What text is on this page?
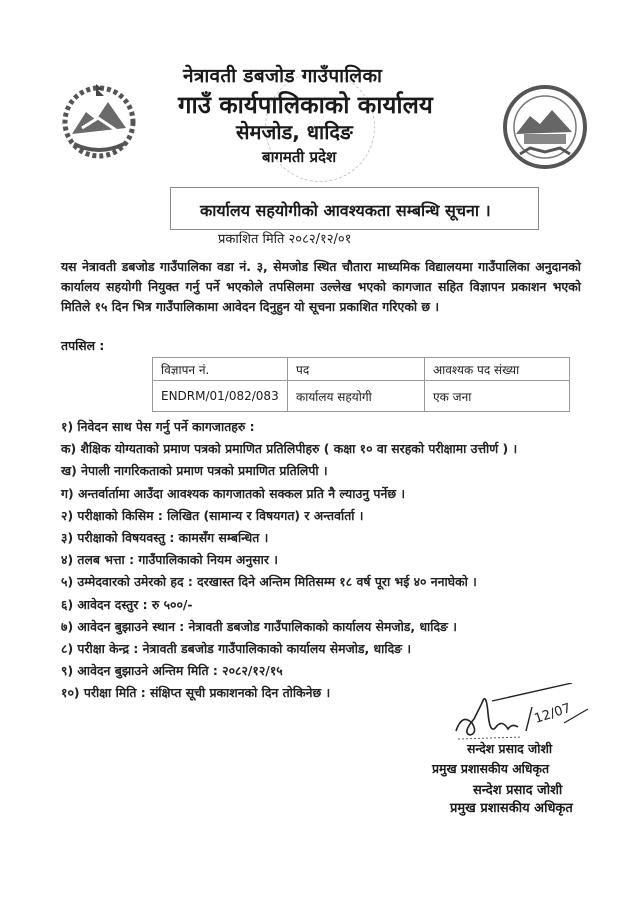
नेत्रावती डबजोड गाउँपालिका
गाउँ कार्यपालिकाको कार्यालय
सेमजोड, धादिङ
बागमती प्रदेश
कार्यालय सहयोगीको आवश्यकता सम्बन्धि सूचना ।
प्रकाशित मिति २०८२/१२/०१
यस नेत्रावती डबजोड गाउँपालिका वडा नं. ३, सेमजोड स्थित चौतारा माध्यमिक विद्यालयमा गाउँपालिका अनुदानको कार्यालय सहयोगी नियुक्त गर्नु पर्ने भएकोले तपसिलमा उल्लेख भएको कागजात सहित विज्ञापन प्रकाशन भएको मितिले १५ दिन भित्र गाउँपालिकामा आवेदन दिनुहुन यो सूचना प्रकाशित गरिएको छ ।
तपसिल :
विज्ञापन नं.	पद	आवश्यक पद संख्या
ENDRM/01/082/083	कार्यालय सहयोगी	एक जना
१) निवेदन साथ पेस गर्नु पर्ने कागजातहरु :
क) शैक्षिक योग्यताको प्रमाण पत्रको प्रमाणित प्रतिलिपीहरु ( कक्षा १० वा सरहको परीक्षामा उत्तीर्ण ) ।
ख) नेपाली नागरिकताको प्रमाण पत्रको प्रमाणित प्रतिलिपी ।
ग) अन्तर्वार्तामा आउँदा आवश्यक कागजातको सक्कल प्रति नै ल्याउनु पर्नेछ ।
२) परीक्षाको किसिम : लिखित (सामान्य र विषयगत) र अन्तर्वार्ता ।
३) परीक्षाको विषयवस्तु : कामसँग सम्बन्धित ।
४) तलब भत्ता : गाउँपालिकाको नियम अनुसार ।
५) उम्मेदवारको उमेरको हद : दरखास्त दिने अन्तिम मितिसम्म १८ वर्ष पूरा भई ४० ननाघेको ।
६) आवेदन दस्तुर : रु ५००/-
७) आवेदन बुझाउने स्थान : नेत्रावती डबजोड गाउँपालिकाको कार्यालय सेमजोड, धादिङ ।
८) परीक्षा केन्द्र : नेत्रावती डबजोड गाउँपालिकाको कार्यालय सेमजोड, धादिङ ।
९) आवेदन बुझाउने अन्तिम मिति : २०८२/१२/१५
१०) परीक्षा मिति : संक्षिप्त सूची प्रकाशनको दिन तोकिनेछ ।
12/07
सन्देश प्रसाद जोशी
प्रमुख प्रशासकीय अधिकृत
सन्देश प्रसाद जोशी
प्रमुख प्रशासकीय अधिकृत
